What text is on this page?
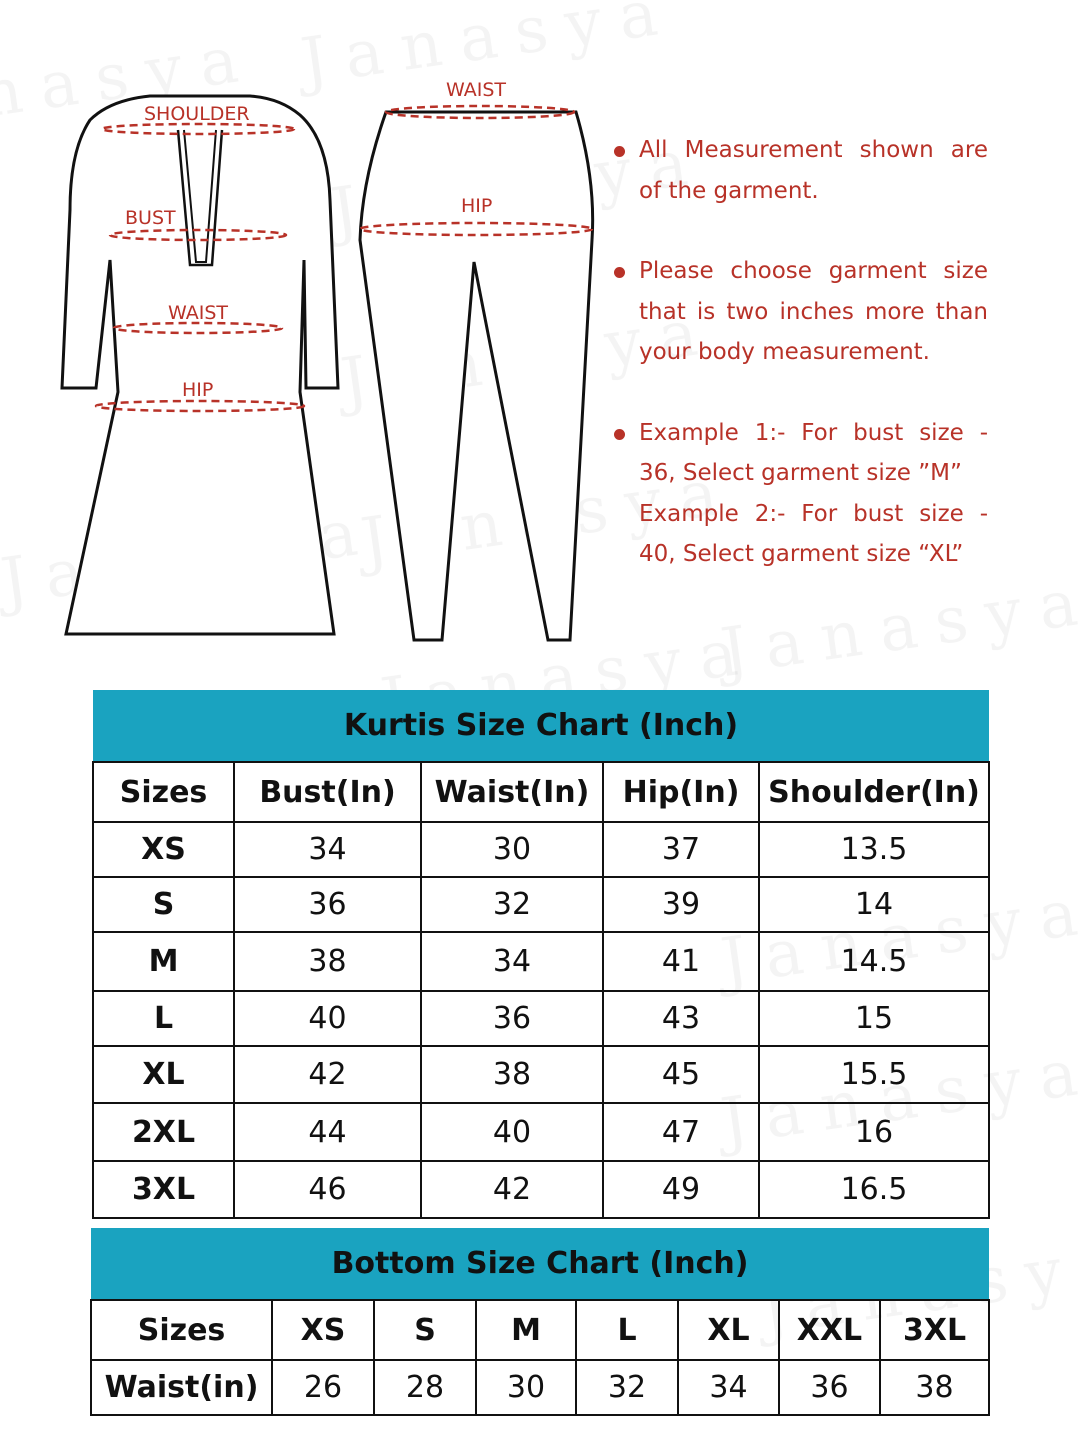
SHOULDER
BUST
WAIST
HIP
WAIST
HIP
All Measurement shown are of the garment.
Please choose garment size that is two inches more than your body measurement.
Example 1:- For bust size - 36, Select garment size ”M”
Example 2:- For bust size - 40, Select garment size “XL”
Kurtis Size Chart (Inch)				
Sizes	Bust(In)	Waist(In)	Hip(In)	Shoulder(In)
XS	34	30	37	13.5
S	36	32	39	14
M	38	34	41	14.5
L	40	36	43	15
XL	42	38	45	15.5
2XL	44	40	47	16
3XL	46	42	49	16.5
Bottom Size Chart (Inch)							
Sizes	XS	S	M	L	XL	XXL	3XL
Waist(in)	26	28	30	32	34	36	38
